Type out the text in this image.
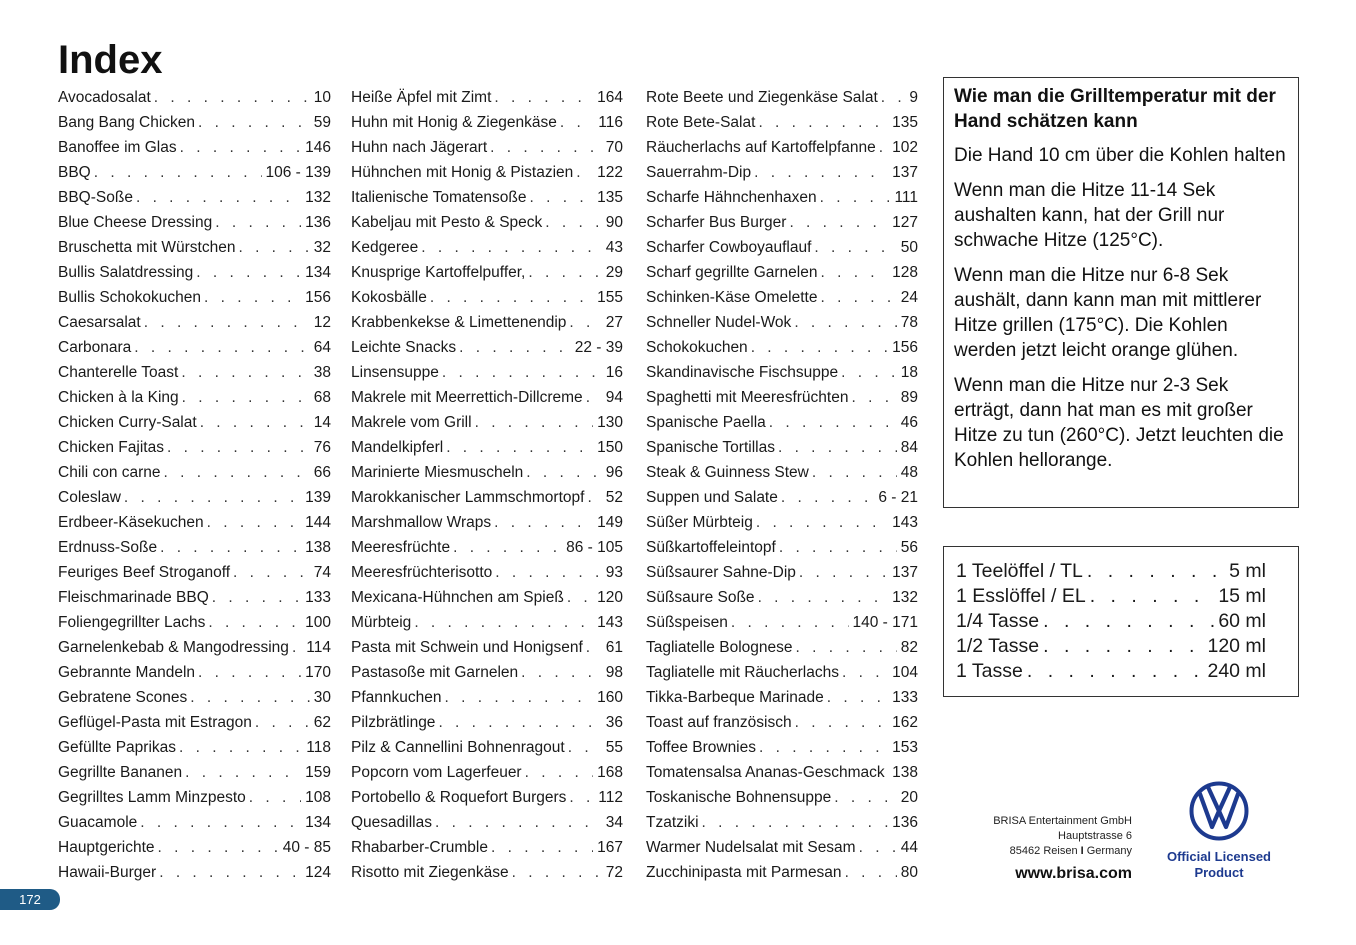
Index
Avocadosalat . . .	10
Bang Bang Chicken . . .	59
Banoffee im Glas . . .	146
BBQ . . .	106 - 139
BBQ-Soße . . .	132
Blue Cheese Dressing . . .	136
Bruschetta mit Würstchen . . .	32
Bullis Salatdressing . . .	134
Bullis Schokokuchen . . .	156
Caesarsalat . . .	12
Carbonara . . .	64
Chanterelle Toast . . .	38
Chicken à la King . . .	68
Chicken Curry-Salat . . .	14
Chicken Fajitas . . .	76
Chili con carne . . .	66
Coleslaw . . .	139
Erdbeer-Käsekuchen . . .	144
Erdnuss-Soße . . .	138
Feuriges Beef Stroganoff . . .	74
Fleischmarinade BBQ . . .	133
Foliengegrillter Lachs . . .	100
Garnelenkebab & Mangodressing . . . 114
Gebrannte Mandeln . . .	170
Gebratene Scones . . .	30
Geflügel-Pasta mit Estragon . . .	62
Gefüllte Paprikas . . .	118
Gegrillte Bananen . . .	159
Gegrilltes Lamm Minzpesto . . .	108
Guacamole . . .	134
Hauptgerichte . . .	40 - 85
Hawaii-Burger . . .	124
Heiße Äpfel mit Zimt . . .	164
Huhn mit Honig & Ziegenkäse . . .	116
Huhn nach Jägerart . . .	70
Hühnchen mit Honig & Pistazien . . . 122
Italienische Tomatensoße . . .	135
Kabeljau mit Pesto & Speck . . .	90
Kedgeree . . .	43
Knusprige Kartoffelpuffer, . . .	29
Kokosbälle . . .	155
Krabbenkekse & Limettenendip . . .	27
Leichte Snacks . . .	22 - 39
Linsensuppe . . .	16
Makrele mit Meerrettich-Dillcreme . . . 94
Makrele vom Grill . . .	130
Mandelkipferl . . .	150
Marinierte Miesmuscheln . . .	96
Marokkanischer Lammschmortopf . . . 52
Marshmallow Wraps . . .	149
Meeresfrüchte . . .	86 - 105
Meeresfrüchterisotto . . .	93
Mexicana-Hühnchen am Spieß . . . 120
Mürbteig . . .	143
Pasta mit Schwein und Honigsenf . . . 61
Pastasoße mit Garnelen . . .	98
Pfannkuchen . . .	160
Pilzbrätlinge . . .	36
Pilz & Cannellini Bohnenragout . . .	55
Popcorn vom Lagerfeuer . . .	168
Portobello & Roquefort Burgers . . . 112
Quesadillas . . .	34
Rhabarber-Crumble . . .	167
Risotto mit Ziegenkäse . . .	72
Rote Beete und Ziegenkäse Salat . . . 9
Rote Bete-Salat . . .	135
Räucherlachs auf Kartoffelpfanne . . . 102
Sauerrahm-Dip . . .	137
Scharfe Hähnchenhaxen . . .	111
Scharfer Bus Burger . . .	127
Scharfer Cowboyauflauf . . .	50
Scharf gegrillte Garnelen . . .	128
Schinken-Käse Omelette . . .	24
Schneller Nudel-Wok . . .	78
Schokokuchen . . .	156
Skandinavische Fischsuppe . . .	18
Spaghetti mit Meeresfrüchten . . .	89
Spanische Paella . . .	46
Spanische Tortillas . . .	84
Steak & Guinness Stew . . .	48
Suppen und Salate . . .	6 - 21
Süßer Mürbteig . . .	143
Süßkartoffeleintopf . . .	56
Süßsaurer Sahne-Dip . . .	137
Süßsaure Soße . . .	132
Süßspeisen . . .	140 - 171
Tagliatelle Bolognese . . .	82
Tagliatelle mit Räucherlachs . . .	104
Tikka-Barbeque Marinade . . .	133
Toast auf französisch . . .	162
Toffee Brownies . . .	153
Tomatensalsa Ananas-Geschmack . . . 138
Toskanische Bohnensuppe . . .	20
Tzatziki . . .	136
Warmer Nudelsalat mit Sesam . . .	44
Zucchinipasta mit Parmesan . . .	80
Wie man die Grilltemperatur mit der Hand schätzen kann

Die Hand 10 cm über die Kohlen halten

Wenn man die Hitze 11-14 Sek aushalten kann, hat der Grill nur schwache Hitze (125°C).

Wenn man die Hitze nur 6-8 Sek aushält, dann kann man mit mittlerer Hitze grillen (175°C). Die Kohlen werden jetzt leicht orange glühen.

Wenn man die Hitze nur 2-3 Sek erträgt, dann hat man es mit großer Hitze zu tun (260°C). Jetzt leuchten die Kohlen hellorange.

1 Teelöffel / TL . . .	5 ml
1 Esslöffel / EL . . .	15 ml
1/4 Tasse . . .	60 ml
1/2 Tasse . . .	120 ml
1 Tasse . . .	240 ml
BRISA Entertainment GmbH
Hauptstrasse 6
85462 Reisen I Germany
www.brisa.com
Official Licensed
Product
172
